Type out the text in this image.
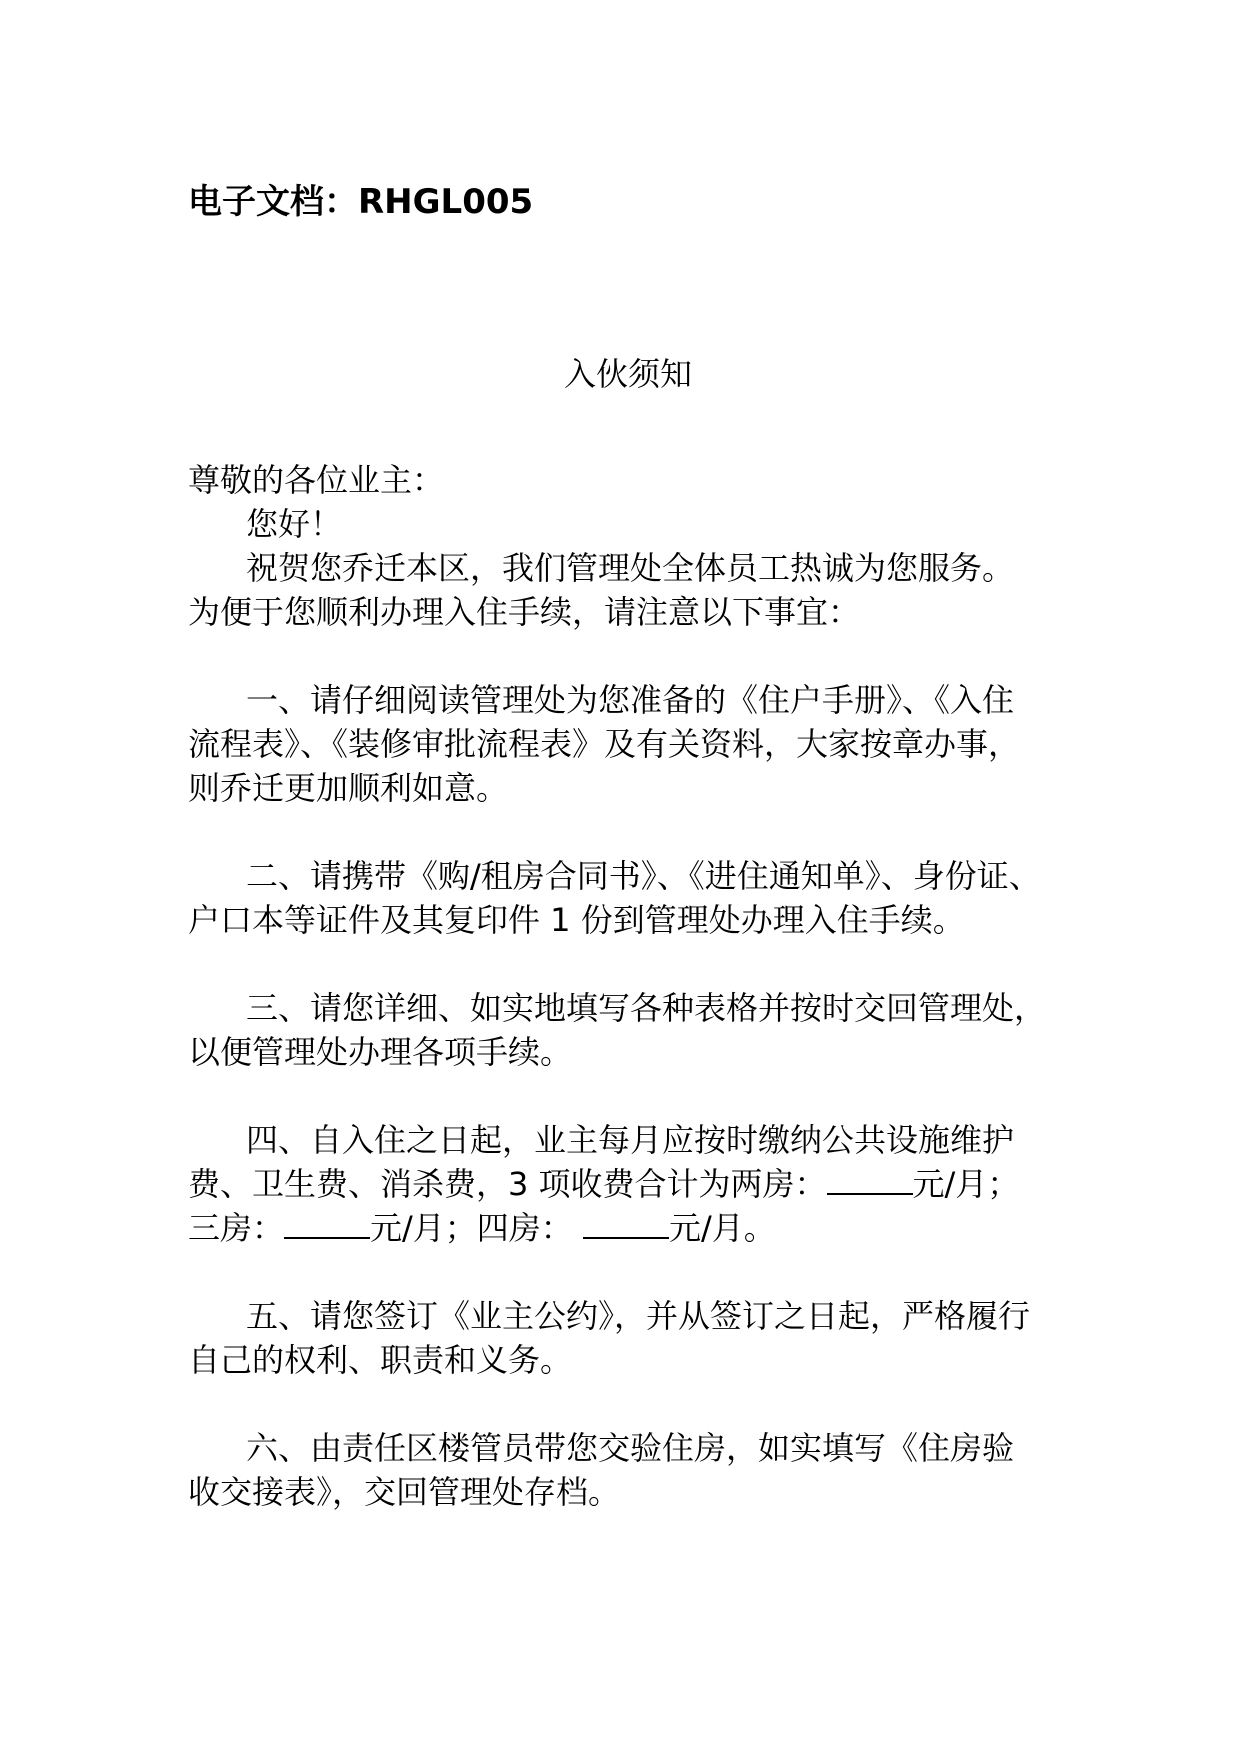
电子文档：RHGL005
入伙须知
尊敬的各位业主：
您好！
祝贺您乔迁本区，我们管理处全体员工热诚为您服务。
为便于您顺利办理入住手续，请注意以下事宜：
一、请仔细阅读管理处为您准备的《住户手册》、《入住
流程表》、《装修审批流程表》及有关资料，大家按章办事，
则乔迁更加顺利如意。
二、请携带《购/租房合同书》、《进住通知单》、身份证、
户口本等证件及其复印件 1 份到管理处办理入住手续。
三、请您详细、如实地填写各种表格并按时交回管理处，
以便管理处办理各项手续。
四、自入住之日起，业主每月应按时缴纳公共设施维护
费、卫生费、消杀费，3 项收费合计为两房：	元/月；
三房：	元/月；四房：	元/月。
五、请您签订《业主公约》，并从签订之日起，严格履行
自己的权利、职责和义务。
六、由责任区楼管员带您交验住房，如实填写《住房验
收交接表》，交回管理处存档。
